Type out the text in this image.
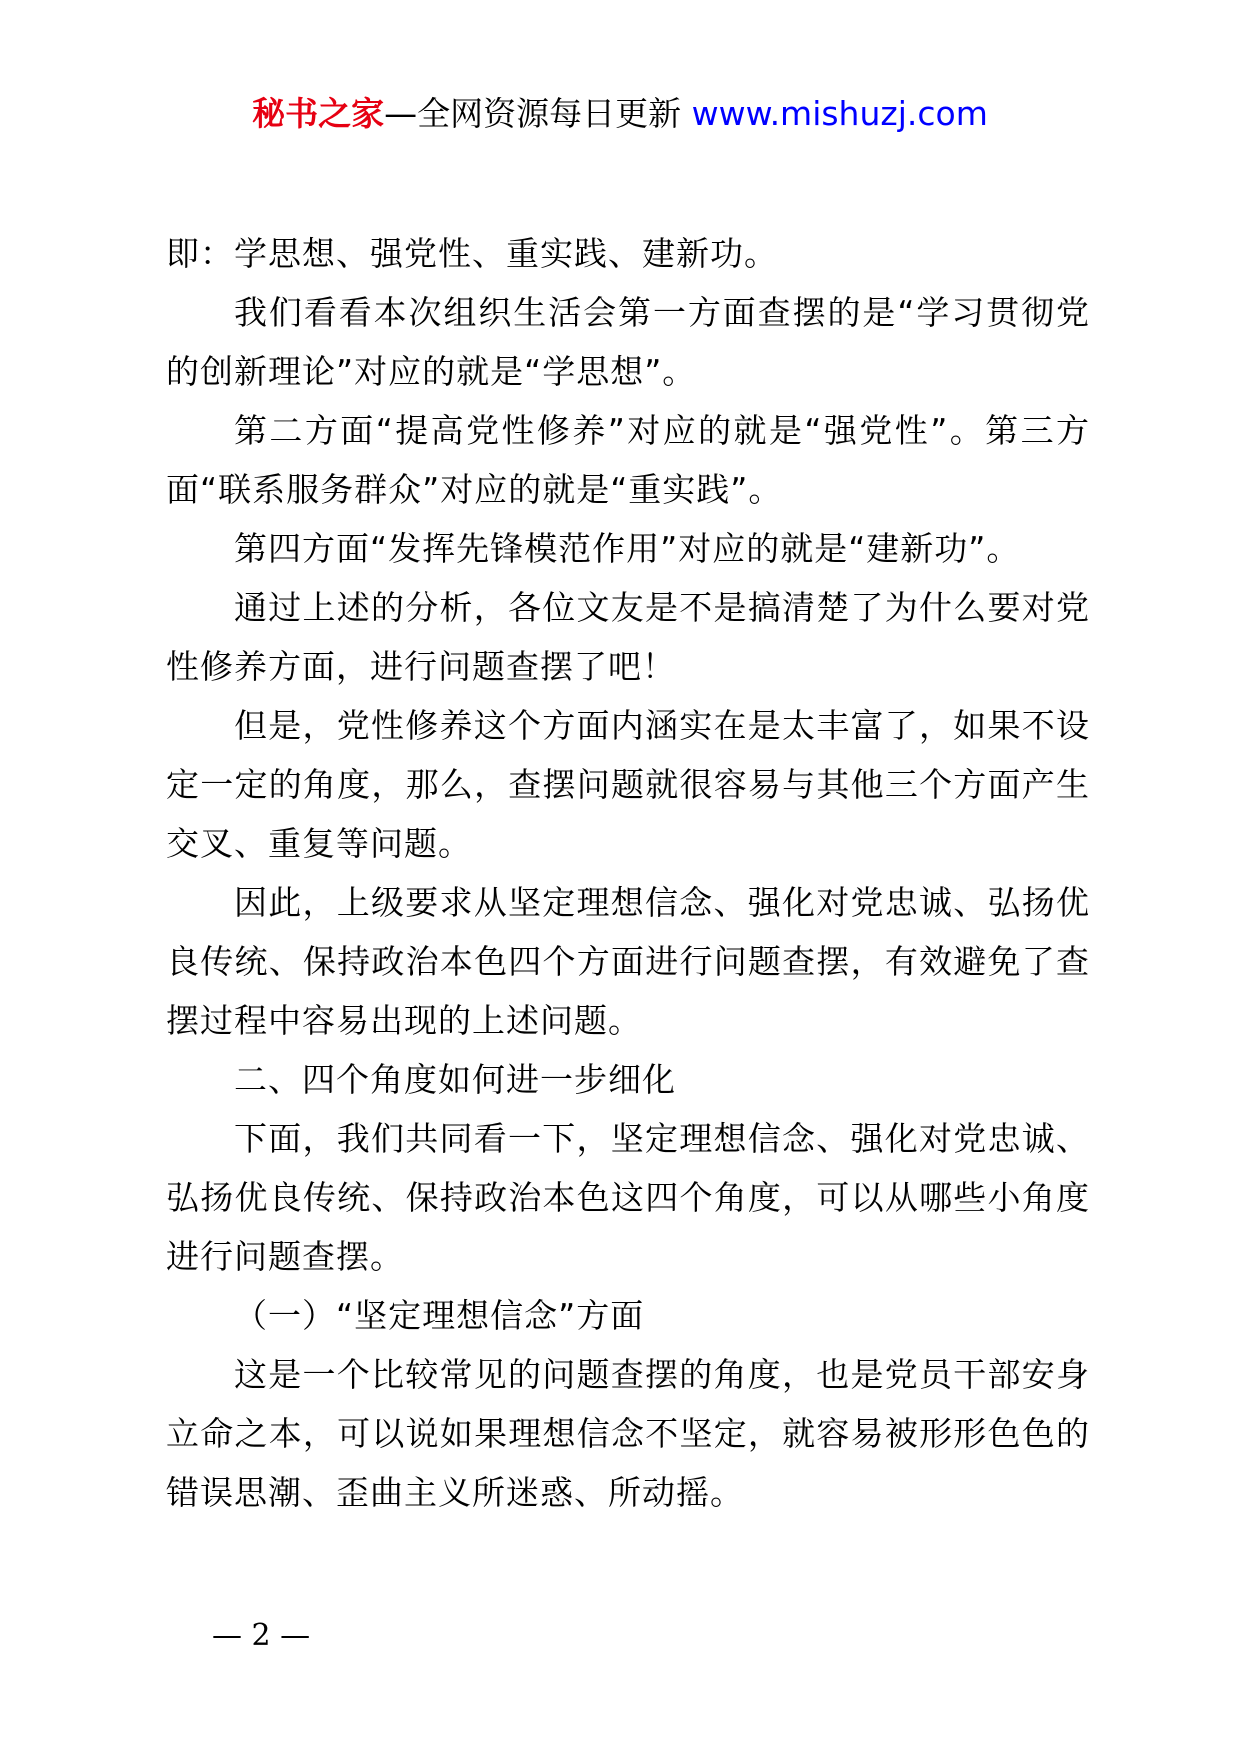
秘书之家—全网资源每日更新 www.mishuzj.com

即：学思想、强党性、重实践、建新功。

我们看看本次组织生活会第一方面查摆的是“学习贯彻党的创新理论”对应的就是“学思想”。

第二方面“提高党性修养”对应的就是“强党性”。第三方面“联系服务群众”对应的就是“重实践”。

第四方面“发挥先锋模范作用”对应的就是“建新功”。

通过上述的分析，各位文友是不是搞清楚了为什么要对党性修养方面，进行问题查摆了吧！

但是，党性修养这个方面内涵实在是太丰富了，如果不设定一定的角度，那么，查摆问题就很容易与其他三个方面产生交叉、重复等问题。

因此，上级要求从坚定理想信念、强化对党忠诚、弘扬优良传统、保持政治本色四个方面进行问题查摆，有效避免了查摆过程中容易出现的上述问题。

二、四个角度如何进一步细化

下面，我们共同看一下，坚定理想信念、强化对党忠诚、弘扬优良传统、保持政治本色这四个角度，可以从哪些小角度进行问题查摆。

（一）“坚定理想信念”方面

这是一个比较常见的问题查摆的角度，也是党员干部安身立命之本，可以说如果理想信念不坚定，就容易被形形色色的错误思潮、歪曲主义所迷惑、所动摇。

— 2 —
